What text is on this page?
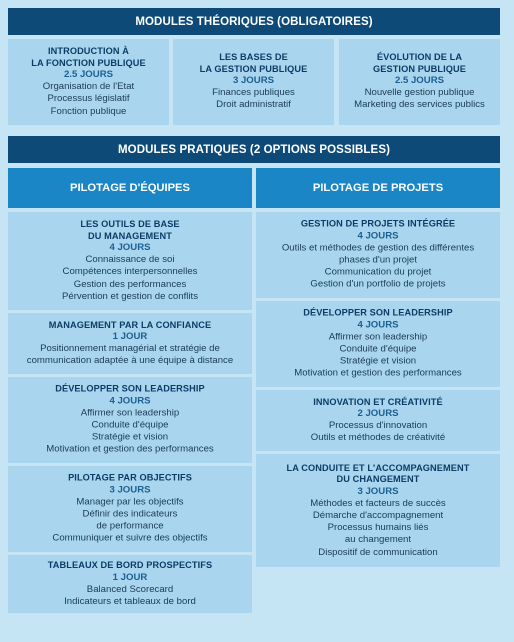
MODULES THÉORIQUES (OBLIGATOIRES)
INTRODUCTION À
LA FONCTION PUBLIQUE
2.5 JOURS
Organisation de l'Etat
Processus législatif
Fonction publique
LES BASES DE
LA GESTION PUBLIQUE
3 JOURS
Finances publiques
Droit administratif
ÉVOLUTION DE LA
GESTION PUBLIQUE
2.5 JOURS
Nouvelle gestion publique
Marketing des services publics
MODULES PRATIQUES (2 OPTIONS POSSIBLES)
PILOTAGE D'ÉQUIPES	PILOTAGE DE PROJETS
LES OUTILS DE BASE
DU MANAGEMENT
4 JOURS
Connaissance de soi
Compétences interpersonnelles
Gestion des performances
Pérvention et gestion de conflits
MANAGEMENT PAR LA CONFIANCE
1 JOUR
Positionnement managérial et stratégie de
communication adaptée à une équipe à distance
DÉVELOPPER SON LEADERSHIP
4 JOURS
Affirmer son leadership
Conduite d'équipe
Stratégie et vision
Motivation et gestion des performances
PILOTAGE PAR OBJECTIFS
3 JOURS
Manager par les objectifs
Définir des indicateurs
de performance
Communiquer et suivre des objectifs
TABLEAUX DE BORD PROSPECTIFS
1 JOUR
Balanced Scorecard
Indicateurs et tableaux de bord
GESTION DE PROJETS INTÉGRÉE
4 JOURS
Outils et méthodes de gestion des différentes
phases d'un projet
Communication du projet
Gestion d'un portfolio de projets
DÉVELOPPER SON LEADERSHIP
4 JOURS
Affirmer son leadership
Conduite d'équipe
Stratégie et vision
Motivation et gestion des performances
INNOVATION ET CRÉATIVITÉ
2 JOURS
Processus d'innovation
Outils et méthodes de créativité
LA CONDUITE ET L'ACCOMPAGNEMENT
DU CHANGEMENT
3 JOURS
Méthodes et facteurs de succès
Démarche d'accompagnement
Processus humains liés
au changement
Dispositif de communication
